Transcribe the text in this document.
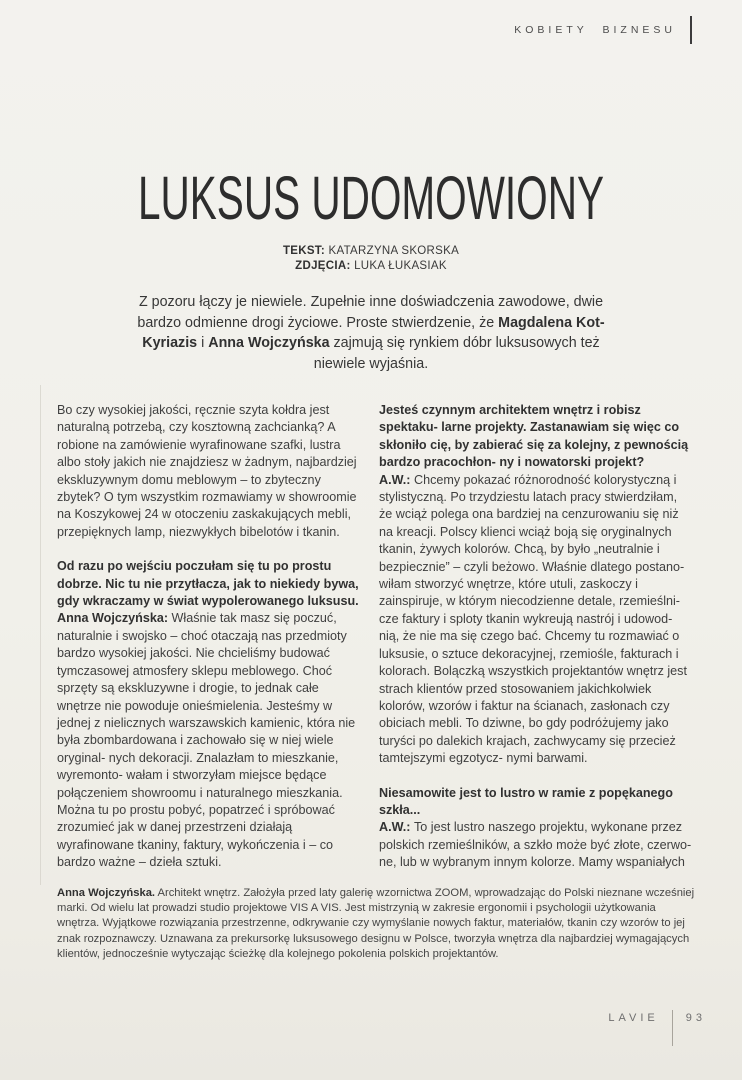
KOBIETY BIZNESU
LUKSUS UDOMOWIONY

TEKST: KATARZYNA SKORSKA

ZDJĘCIA: LUKA ŁUKASIAK

Z pozoru łączy je niewiele. Zupełnie inne doświadczenia zawodowe, dwie bardzo odmienne drogi życiowe. Proste stwierdzenie, że Magdalena Kot-Kyriazis i Anna Wojczyńska zajmują się rynkiem dóbr luksusowych też niewiele wyjaśnia.

Bo czy wysokiej jakości, ręcznie szyta kołdra jest naturalną potrzebą, czy kosztowną zachcianką? A robione na zamówienie wyrafinowane szafki, lustra albo stoły jakich nie znajdziesz w żadnym, najbardziej ekskluzywnym domu meblowym – to zbyteczny zbytek? O tym wszystkim rozmawiamy w showroomie na Koszykowej 24 w otoczeniu zaskakujących mebli, przepięknych lamp, niezwykłych bibelotów i tkanin.

Od razu po wejściu poczułam się tu po prostu dobrze. Nic tu nie przytłacza, jak to niekiedy bywa, gdy wkraczamy w świat wypolerowanego luksusu.

Anna Wojczyńska: Właśnie tak masz się poczuć, naturalnie i swojsko – choć otaczają nas przedmioty bardzo wysokiej jakości. Nie chcieliśmy budować tymczasowej atmosfery sklepu meblowego. Choć sprzęty są ekskluzywne i drogie, to jednak całe wnętrze nie powoduje onieśmielenia. Jesteśmy w jednej z nielicznych warszawskich kamienic, która nie była zbombardowana i zachowało się w niej wiele oryginal- nych dekoracji. Znalazłam to mieszkanie, wyremonto- wałam i stworzyłam miejsce będące połączeniem showroomu i naturalnego mieszkania. Można tu po prostu pobyć, popatrzeć i spróbować zrozumieć jak w danej przestrzeni działają wyrafinowane tkaniny, faktury, wykończenia i – co bardzo ważne – dzieła sztuki.

Jesteś czynnym architektem wnętrz i robisz spektaku- larne projekty. Zastanawiam się więc co skłoniło cię, by zabierać się za kolejny, z pewnością bardzo pracochłon- ny i nowatorski projekt?

A.W.: Chcemy pokazać różnorodność kolorystyczną i stylistyczną. Po trzydziestu latach pracy stwierdziłam, że wciąż polega ona bardziej na cenzurowaniu się niż na kreacji. Polscy klienci wciąż boją się oryginalnych tkanin, żywych kolorów. Chcą, by było „neutralnie i bezpiecznie” – czyli beżowo. Właśnie dlatego postano- wiłam stworzyć wnętrze, które utuli, zaskoczy i zainspiruje, w którym niecodzienne detale, rzemieślni- cze faktury i sploty tkanin wykreują nastrój i udowod- nią, że nie ma się czego bać. Chcemy tu rozmawiać o luksusie, o sztuce dekoracyjnej, rzemiośle, fakturach i kolorach. Bolączką wszystkich projektantów wnętrz jest strach klientów przed stosowaniem jakichkolwiek kolorów, wzorów i faktur na ścianach, zasłonach czy obiciach mebli. To dziwne, bo gdy podróżujemy jako turyści po dalekich krajach, zachwycamy się przecież tamtejszymi egzotycz- nymi barwami.

Niesamowite jest to lustro w ramie z popękanego szkła...

A.W.: To jest lustro naszego projektu, wykonane przez polskich rzemieślników, a szkło może być złote, czerwo- ne, lub w wybranym innym kolorze. Mamy wspaniałych

Anna Wojczyńska. Architekt wnętrz. Założyła przed laty galerię wzornictwa ZOOM, wprowadzając do Polski nieznane wcześniej marki. Od wielu lat prowadzi studio projektowe VIS A VIS. Jest mistrzynią w zakresie ergonomii i psychologii użytkowania wnętrza. Wyjątkowe rozwiązania przestrzenne, odkrywanie czy wymyślanie nowych faktur, materiałów, tkanin czy wzorów to jej znak rozpoznawczy. Uznawana za prekursorkę luksusowego designu w Polsce, tworzyła wnętrza dla najbardziej wymagających klientów, jednocześnie wytyczając ścieżkę dla kolejnego pokolenia polskich projektantów.
LAVIE 93
